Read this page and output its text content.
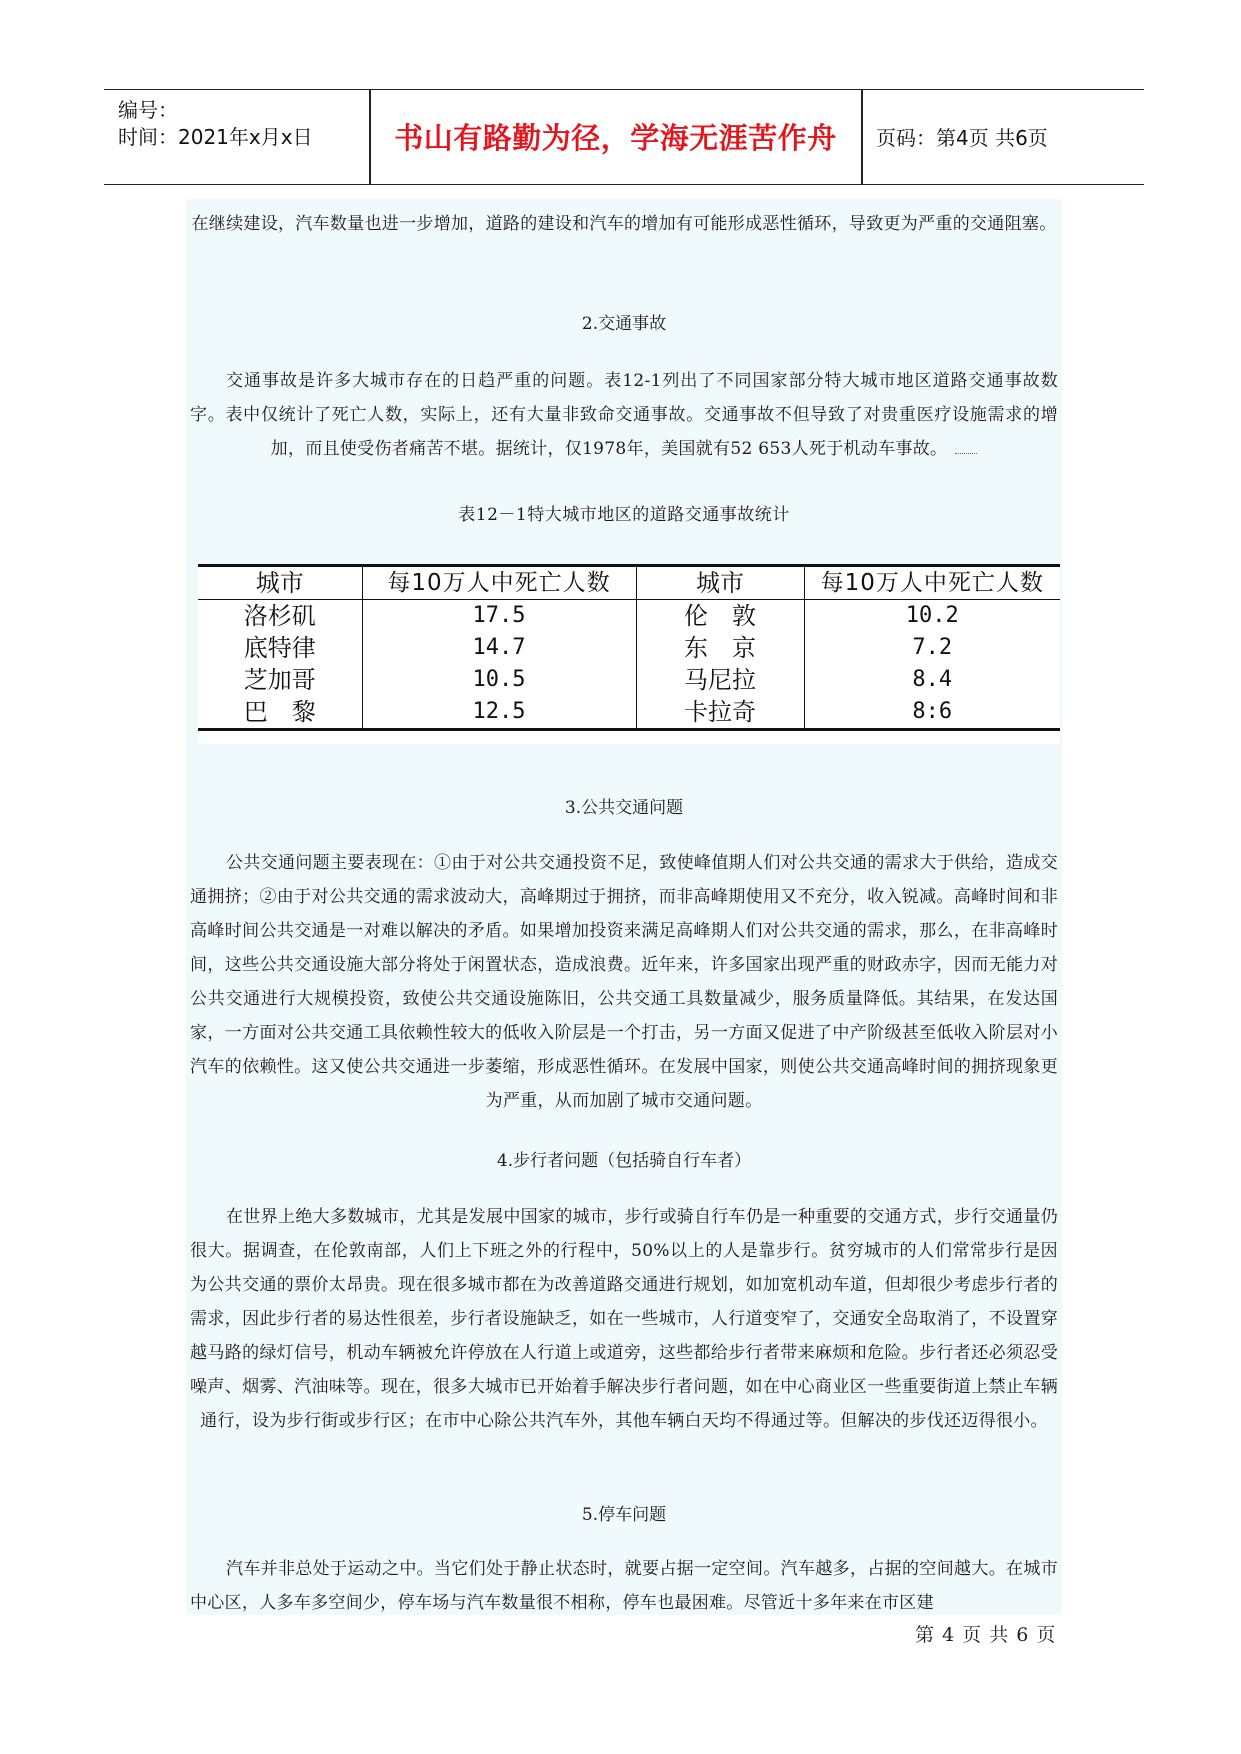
编号：
时间：2021年x月x日	书山有路勤为径，学海无涯苦作舟	页码：第4页 共6页
在继续建设，汽车数量也进一步增加，道路的建设和汽车的增加有可能形成恶性循环，导致更为严重的交通阻塞。
2.交通事故
交通事故是许多大城市存在的日趋严重的问题。表12-1列出了不同国家部分特大城市地区道路交通事故数字。表中仅统计了死亡人数，实际上，还有大量非致命交通事故。交通事故不但导致了对贵重医疗设施需求的增加，而且使受伤者痛苦不堪。据统计，仅1978年，美国就有52 653人死于机动车事故。
表12－1特大城市地区的道路交通事故统计
城市	每10万人中死亡人数	城市	每10万人中死亡人数
洛杉矶	17.5	伦　敦	10.2
底特律	14.7	东　京	7.2
芝加哥	10.5	马尼拉	8.4
巴　黎	12.5	卡拉奇	8:6
3.公共交通问题
公共交通问题主要表现在：①由于对公共交通投资不足，致使峰值期人们对公共交通的需求大于供给，造成交通拥挤；②由于对公共交通的需求波动大，高峰期过于拥挤，而非高峰期使用又不充分，收入锐减。高峰时间和非高峰时间公共交通是一对难以解决的矛盾。如果增加投资来满足高峰期人们对公共交通的需求，那么，在非高峰时间，这些公共交通设施大部分将处于闲置状态，造成浪费。近年来，许多国家出现严重的财政赤字，因而无能力对公共交通进行大规模投资，致使公共交通设施陈旧，公共交通工具数量减少，服务质量降低。其结果，在发达国家，一方面对公共交通工具依赖性较大的低收入阶层是一个打击，另一方面又促进了中产阶级甚至低收入阶层对小汽车的依赖性。这又使公共交通进一步萎缩，形成恶性循环。在发展中国家，则使公共交通高峰时间的拥挤现象更为严重，从而加剧了城市交通问题。
4.步行者问题（包括骑自行车者）
在世界上绝大多数城市，尤其是发展中国家的城市，步行或骑自行车仍是一种重要的交通方式，步行交通量仍很大。据调查，在伦敦南部，人们上下班之外的行程中，50%以上的人是靠步行。贫穷城市的人们常常步行是因为公共交通的票价太昂贵。现在很多城市都在为改善道路交通进行规划，如加宽机动车道，但却很少考虑步行者的需求，因此步行者的易达性很差，步行者设施缺乏，如在一些城市，人行道变窄了，交通安全岛取消了，不设置穿越马路的绿灯信号，机动车辆被允许停放在人行道上或道旁，这些都给步行者带来麻烦和危险。步行者还必须忍受噪声、烟雾、汽油味等。现在，很多大城市已开始着手解决步行者问题，如在中心商业区一些重要街道上禁止车辆通行，设为步行街或步行区；在市中心除公共汽车外，其他车辆白天均不得通过等。但解决的步伐还迈得很小。
5.停车问题
汽车并非总处于运动之中。当它们处于静止状态时，就要占据一定空间。汽车越多，占据的空间越大。在城市中心区，人多车多空间少，停车场与汽车数量很不相称，停车也最困难。尽管近十多年来在市区建
第 4 页 共 6 页
